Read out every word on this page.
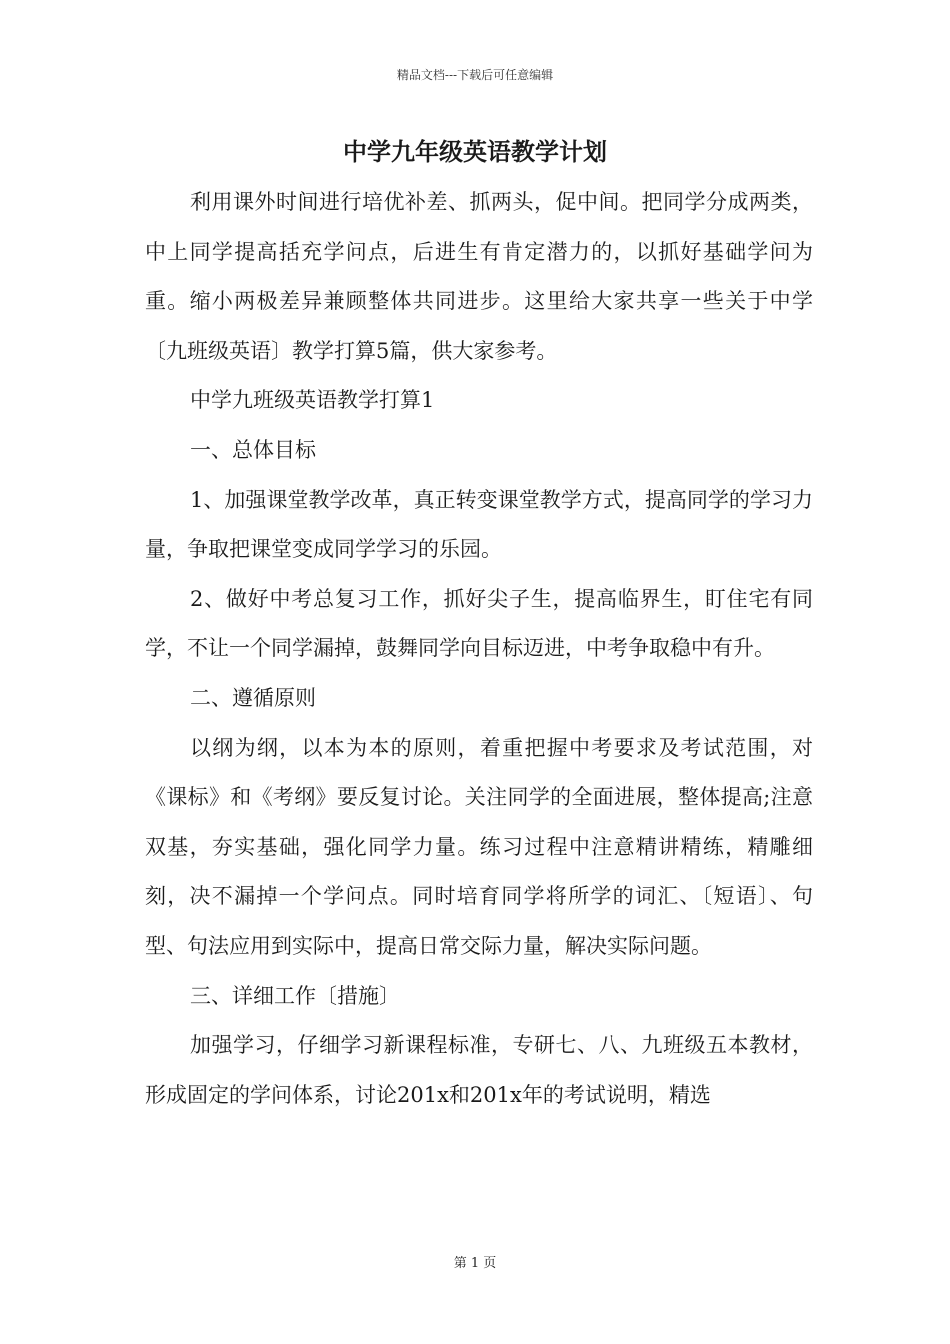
精品文档---下载后可任意编辑
中学九年级英语教学计划

利用课外时间进行培优补差、抓两头，促中间。把同学分成两类，中上同学提高括充学问点，后进生有肯定潜力的，以抓好基础学问为重。缩小两极差异兼顾整体共同进步。这里给大家共享一些关于中学〔九班级英语〕教学打算5篇，供大家参考。

中学九班级英语教学打算1

一、总体目标

1、加强课堂教学改革，真正转变课堂教学方式，提高同学的学习力量，争取把课堂变成同学学习的乐园。

2、做好中考总复习工作，抓好尖子生，提高临界生，盯住宅有同学，不让一个同学漏掉，鼓舞同学向目标迈进，中考争取稳中有升。

二、遵循原则

以纲为纲，以本为本的原则，着重把握中考要求及考试范围，对《课标》和《考纲》要反复讨论。关注同学的全面进展，整体提高;注意双基，夯实基础，强化同学力量。练习过程中注意精讲精练，精雕细刻，决不漏掉一个学问点。同时培育同学将所学的词汇、〔短语〕、句型、句法应用到实际中，提高日常交际力量，解决实际问题。

三、详细工作〔措施〕

加强学习，仔细学习新课程标准，专研七、八、九班级五本教材，形成固定的学问体系，讨论201x和201x年的考试说明，精选

第 1 页
